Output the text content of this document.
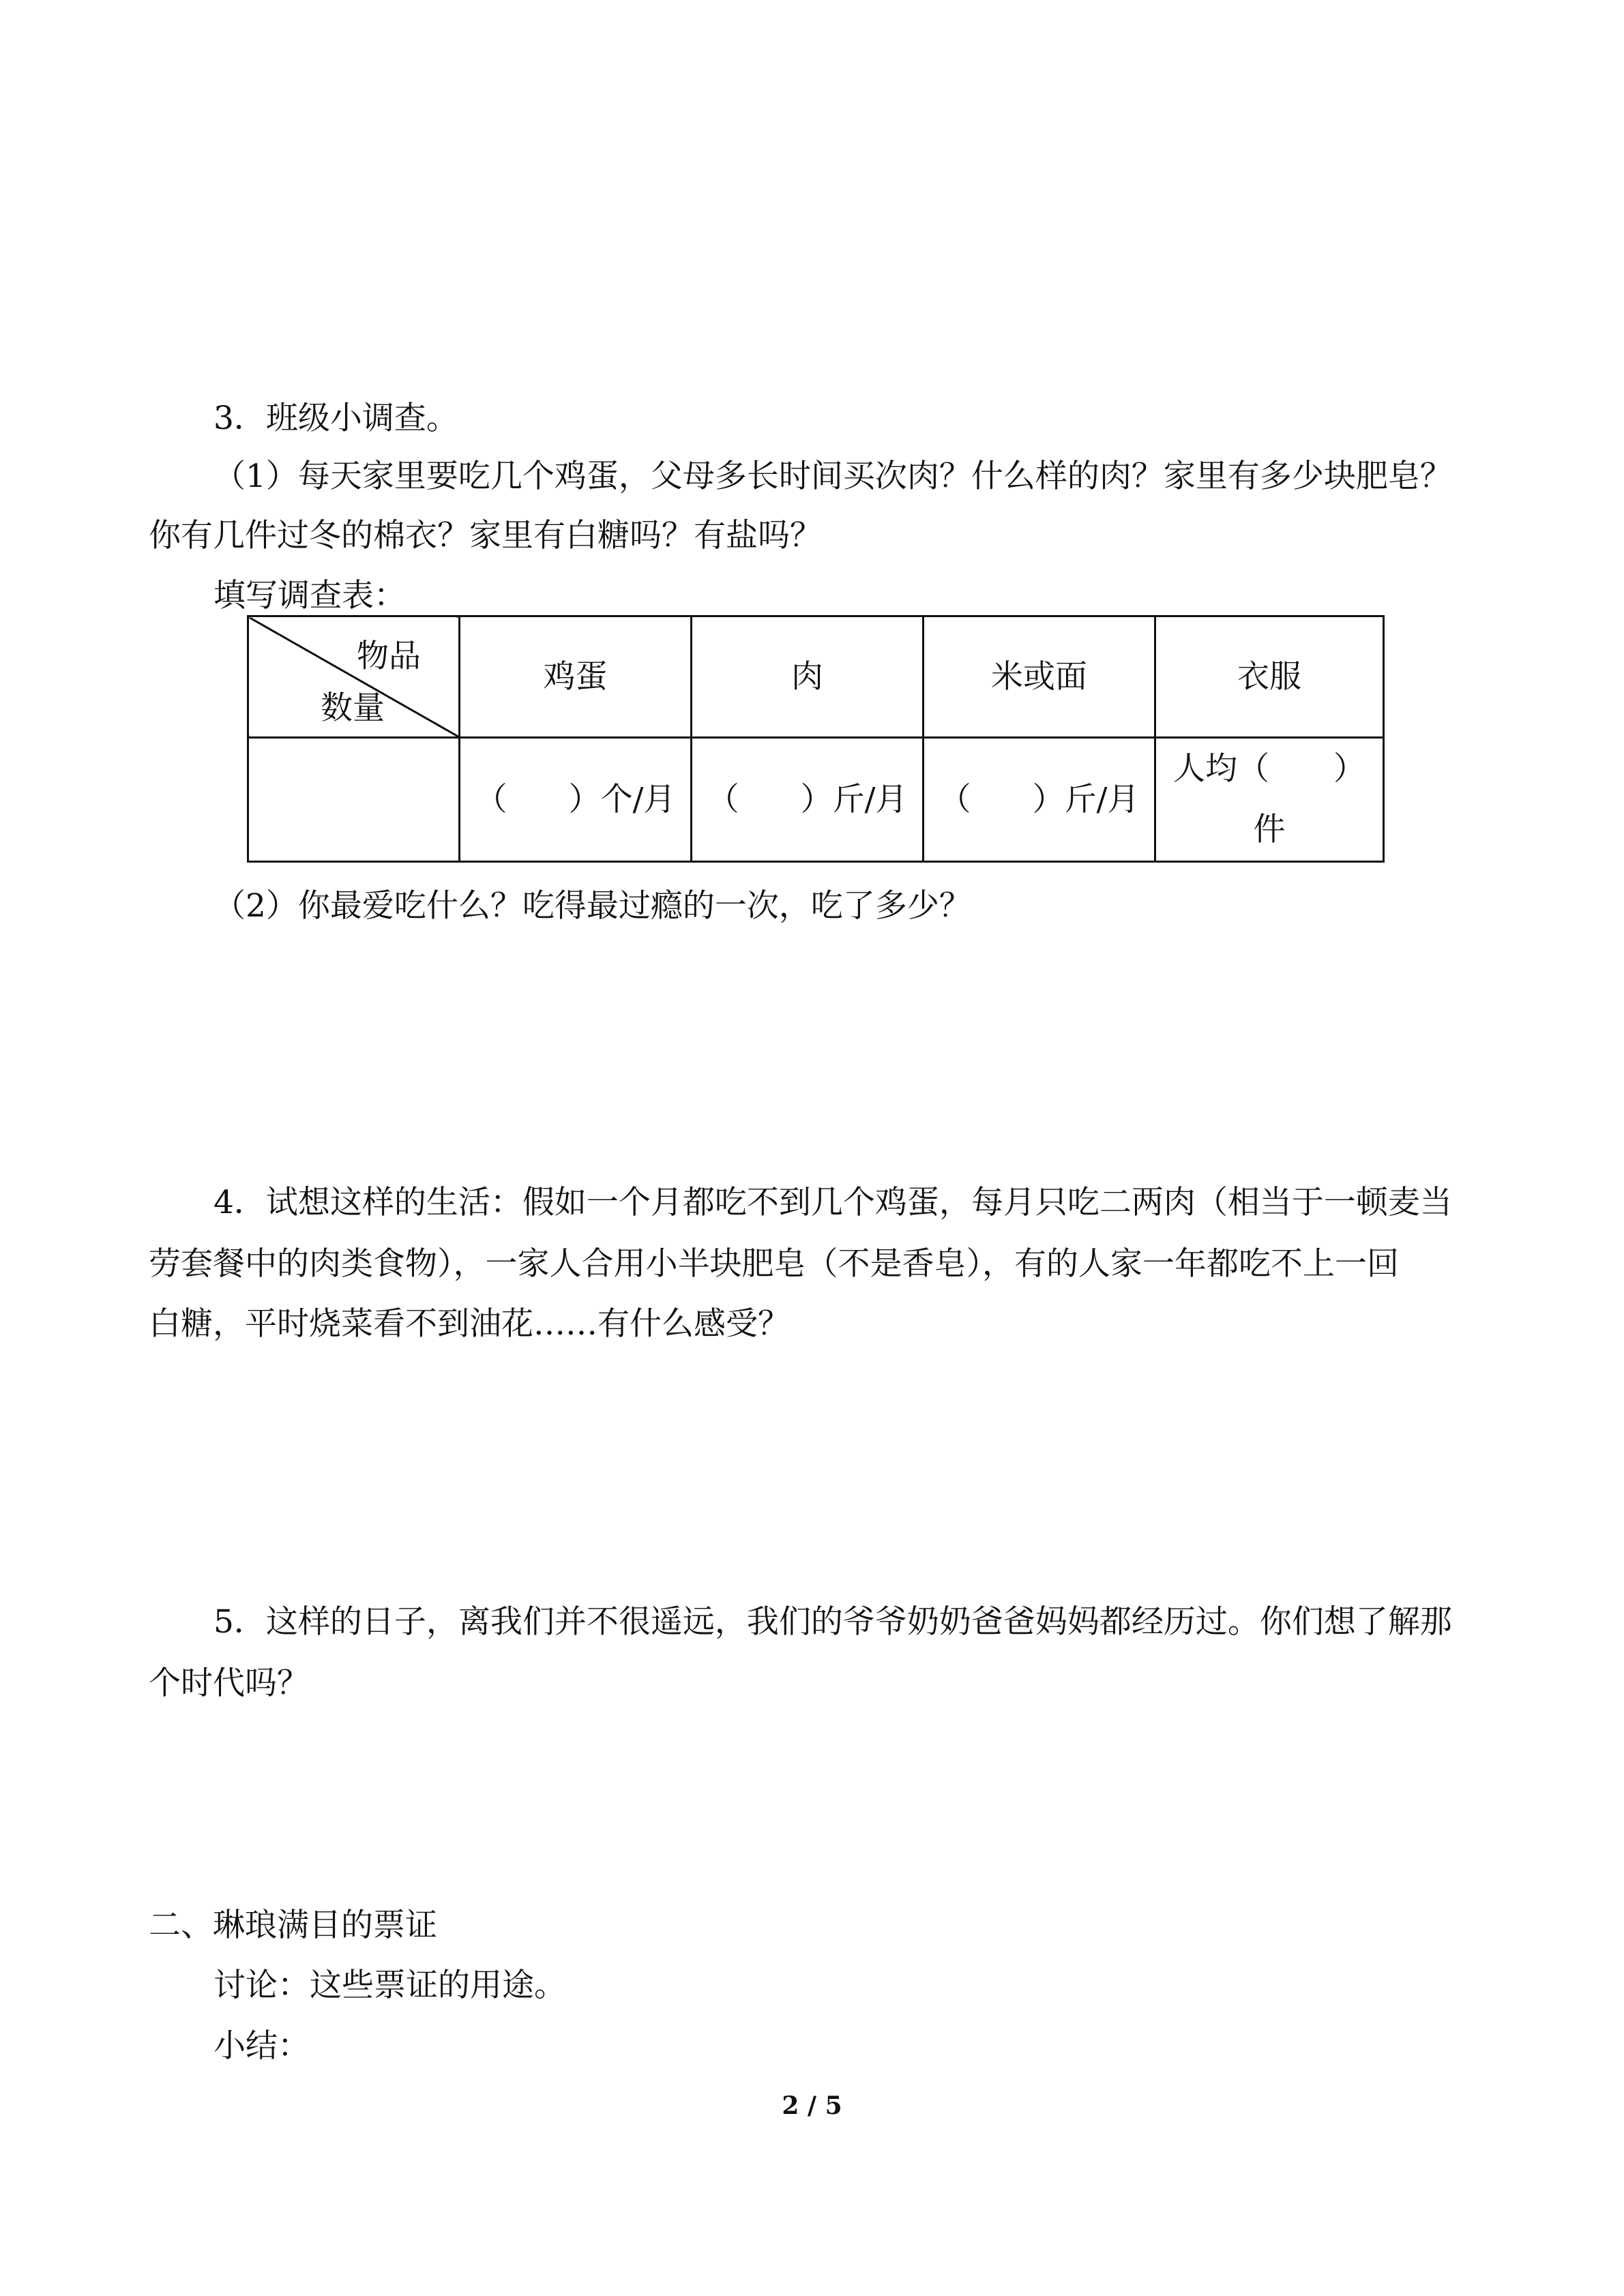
3．班级小调查。
（1）每天家里要吃几个鸡蛋，父母多长时间买次肉？什么样的肉？家里有多少块肥皂？
你有几件过冬的棉衣？家里有白糖吗？有盐吗？
填写调查表：
物品
数量	鸡蛋	肉	米或面	衣服
	（ ）个/月	（ ）斤/月	（ ）斤/月	人均（　　）
件
（2）你最爱吃什么？吃得最过瘾的一次，吃了多少？
4．试想这样的生活：假如一个月都吃不到几个鸡蛋，每月只吃二两肉（相当于一顿麦当
劳套餐中的肉类食物），一家人合用小半块肥皂（不是香皂），有的人家一年都吃不上一回
白糖，平时烧菜看不到油花……有什么感受？
5．这样的日子，离我们并不很遥远，我们的爷爷奶奶爸爸妈妈都经历过。你们想了解那
个时代吗？
二、琳琅满目的票证
讨论：这些票证的用途。
小结：
2 / 5
